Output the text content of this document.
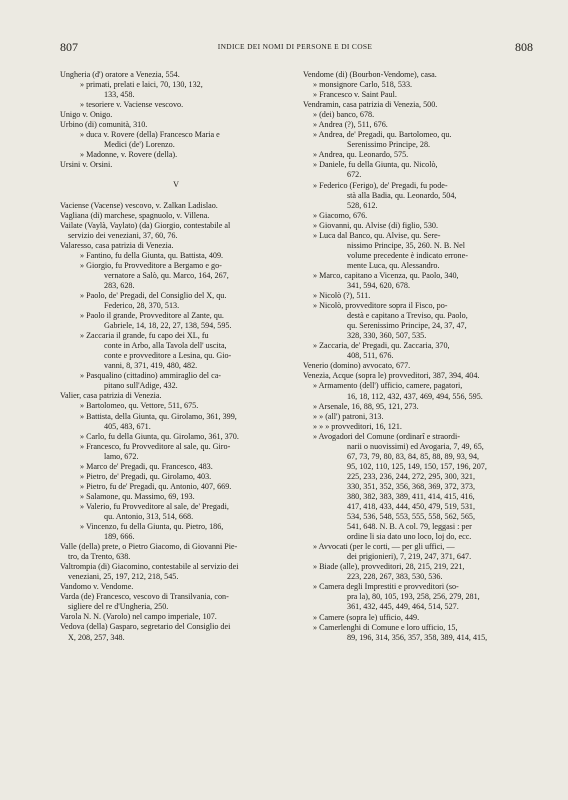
807	INDICE DEI NOMI DI PERSONE E DI COSE	808
Ungheria (d') oratore a Venezia, 554.
» primati, prelati e laici, 70, 130, 132,
133, 458.
» tesoriere v. Vaciense vescovo.
Unigo v. Onigo.
Urbino (di) comunità, 310.
» duca v. Rovere (della) Francesco Maria e
Medici (de') Lorenzo.
» Madonne, v. Rovere (della).
Ursini v. Orsini.
V
Vaciense (Vacense) vescovo, v. Zalkan Ladislao.
Vagliana (di) marchese, spagnuolo, v. Villena.
Vailate (Vaylà, Vaylato) (da) Giorgio, contestabile al
servizio dei veneziani, 37, 60, 76.
Valaresso, casa patrizia di Venezia.
» Fantino, fu della Giunta, qu. Battista, 409.
» Giorgio, fu Provveditore a Bergamo e go-
vernatore a Salò, qu. Marco, 164, 267,
283, 628.
» Paolo, de' Pregadi, del Consiglio del X, qu.
Federico, 28, 370, 513.
» Paolo il grande, Provveditore al Zante, qu.
Gabriele, 14, 18, 22, 27, 138, 594, 595.
» Zaccaria il grande, fu capo dei XL, fu
conte in Arbo, alla Tavola dell' uscita,
conte e provveditore a Lesina, qu. Gio-
vanni, 8, 371, 419, 480, 482.
» Pasqualino (cittadino) ammiraglio del ca-
pitano sull'Adige, 432.
Valier, casa patrizia di Venezia.
» Bartolomeo, qu. Vettore, 511, 675.
» Battista, della Giunta, qu. Girolamo, 361, 399,
405, 483, 671.
» Carlo, fu della Giunta, qu. Girolamo, 361, 370.
» Francesco, fu Provveditore al sale, qu. Giro-
lamo, 672.
» Marco de' Pregadi, qu. Francesco, 483.
» Pietro, de' Pregadi, qu. Girolamo, 403.
» Pietro, fu de' Pregadi, qu. Antonio, 407, 669.
» Salamone, qu. Massimo, 69, 193.
» Valerio, fu Provveditore al sale, de' Pregadi,
qu. Antonio, 313, 514, 668.
» Vincenzo, fu della Giunta, qu. Pietro, 186,
189, 666.
Valle (della) prete, o Pietro Giacomo, di Giovanni Pie-
tro, da Trento, 638.
Valtrompia (di) Giacomino, contestabile al servizio dei
veneziani, 25, 197, 212, 218, 545.
Vandomo v. Vendome.
Varda (de) Francesco, vescovo di Transilvania, con-
sigliere del re d'Ungheria, 250.
Varola N. N. (Varolo) nel campo imperiale, 107.
Vedova (della) Gasparo, segretario del Consiglio dei
X, 208, 257, 348.
Vendome (di) (Bourbon-Vendome), casa.
» monsignore Carlo, 518, 533.
» Francesco v. Saint Paul.
Vendramin, casa patrizia di Venezia, 500.
» (dei) banco, 678.
» Andrea (?), 511, 676.
» Andrea, de' Pregadi, qu. Bartolomeo, qu.
Serenissimo Principe, 28.
» Andrea, qu. Leonardo, 575.
» Daniele, fu della Giunta, qu. Nicolò,
672.
» Federico (Ferigo), de' Pregadi, fu pode-
stà alla Badia, qu. Leonardo, 504,
528, 612.
» Giacomo, 676.
» Giovanni, qu. Alvise (di) figlio, 530.
» Luca dal Banco, qu. Alvise, qu. Sere-
nissimo Principe, 35, 260. N. B. Nel
volume precedente è indicato errone-
mente Luca, qu. Alessandro.
» Marco, capitano a Vicenza, qu. Paolo, 340,
341, 594, 620, 678.
» Nicolò (?), 511.
» Nicolò, provveditore sopra il Fisco, po-
destà e capitano a Treviso, qu. Paolo,
qu. Serenissimo Principe, 24, 37, 47,
328, 330, 360, 507, 535.
» Zaccaria, de' Pregadi, qu. Zaccaria, 370,
408, 511, 676.
Venerio (domino) avvocato, 677.
Venezia, Acque (sopra le) provveditori, 387, 394, 404.
» Armamento (dell') ufficio, camere, pagatori,
16, 18, 112, 432, 437, 469, 494, 556, 595.
» Arsenale, 16, 88, 95, 121, 273.
» » (all') patroni, 313.
» » » provveditori, 16, 121.
» Avogadori del Comune (ordinarî e straordi-
narii o nuovissimi) ed Avogaria, 7, 49, 65,
67, 73, 79, 80, 83, 84, 85, 88, 89, 93, 94,
95, 102, 110, 125, 149, 150, 157, 196, 207,
225, 233, 236, 244, 272, 295, 300, 321,
330, 351, 352, 356, 368, 369, 372, 373,
380, 382, 383, 389, 411, 414, 415, 416,
417, 418, 433, 444, 450, 479, 519, 531,
534, 536, 548, 553, 555, 558, 562, 565,
541, 648. N. B. A col. 79, leggasi : per
ordine li sia dato uno loco, loj do, ecc.
» Avvocati (per le corti, — per gli uffici, —
dei prigionieri), 7, 219, 247, 371, 647.
» Biade (alle), provveditori, 28, 215, 219, 221,
223, 228, 267, 383, 530, 536.
» Camera degli Imprestiti e provveditori (so-
pra la), 80, 105, 193, 258, 256, 279, 281,
361, 432, 445, 449, 464, 514, 527.
» Camere (sopra le) ufficio, 449.
» Camerlenghi di Comune e loro ufficio, 15,
89, 196, 314, 356, 357, 358, 389, 414, 415,
